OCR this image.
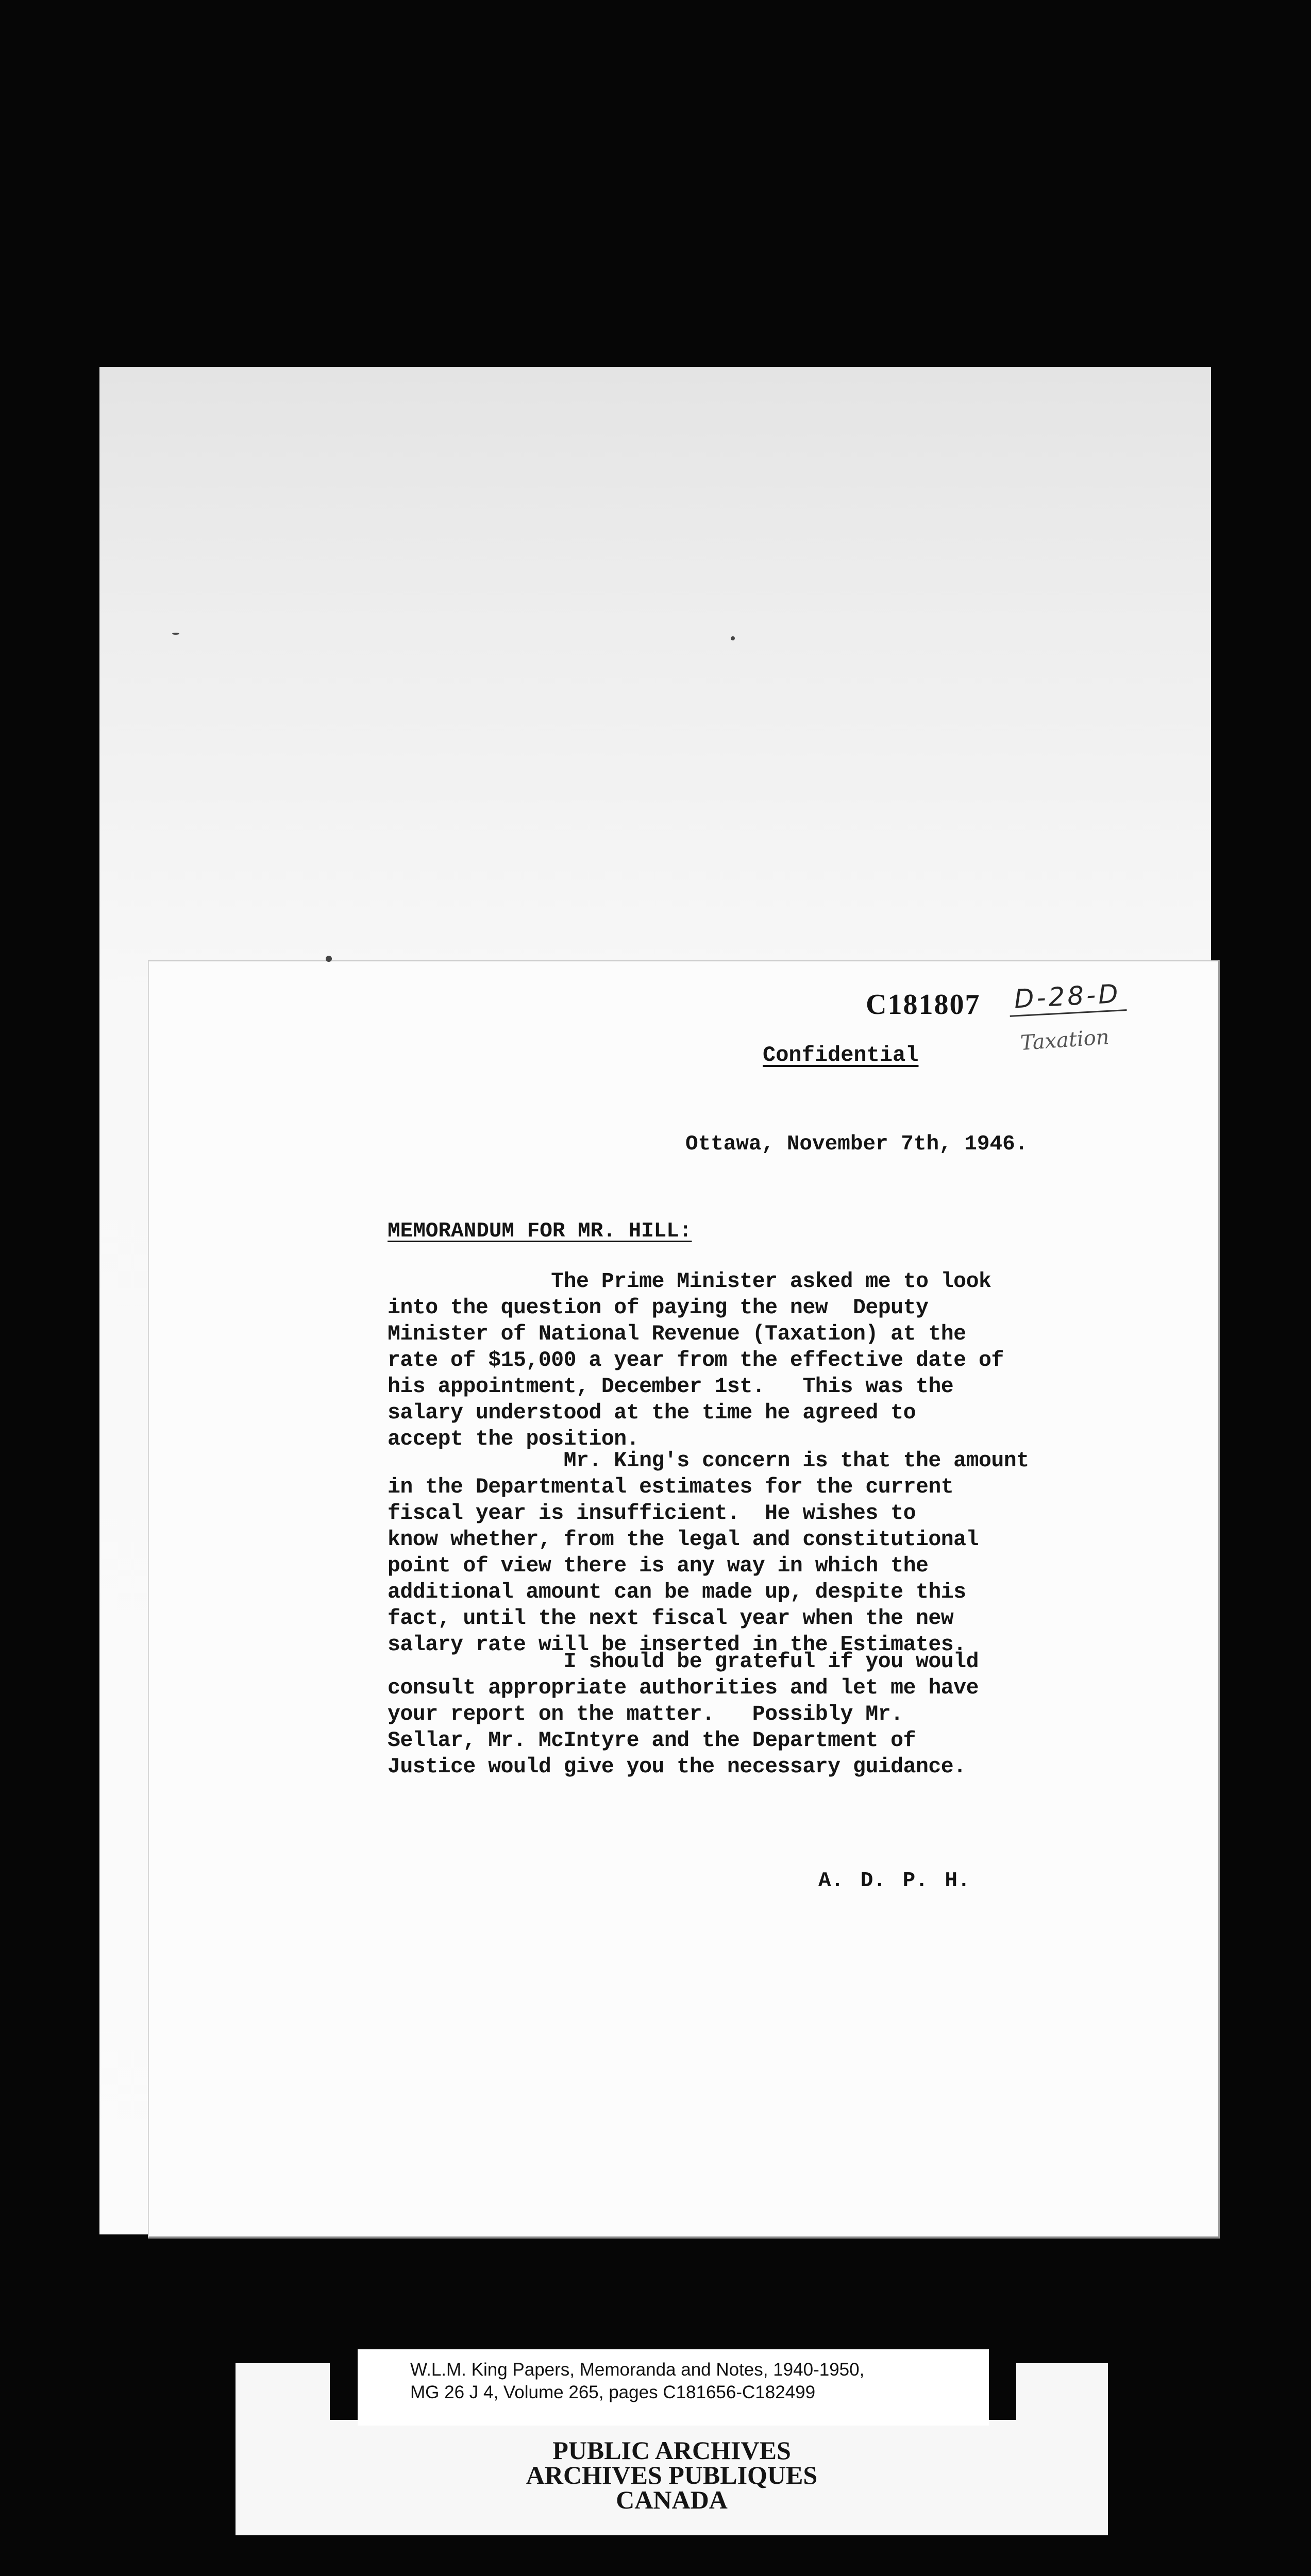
C181807 D-28-D
Taxation
Confidential
Ottawa, November 7th, 1946.
MEMORANDUM FOR MR. HILL:
The Prime Minister asked me to look
into the question of paying the new  Deputy
Minister of National Revenue (Taxation) at the
rate of $15,000 a year from the effective date of
his appointment, December 1st.   This was the
salary understood at the time he agreed to
accept the position.
Mr. King's concern is that the amount
in the Departmental estimates for the current
fiscal year is insufficient.  He wishes to
know whether, from the legal and constitutional
point of view there is any way in which the
additional amount can be made up, despite this
fact, until the next fiscal year when the new
salary rate will be inserted in the Estimates.
I should be grateful if you would
consult appropriate authorities and let me have
your report on the matter.   Possibly Mr.
Sellar, Mr. McIntyre and the Department of
Justice would give you the necessary guidance.
A. D. P. H.
W.L.M. King Papers, Memoranda and Notes, 1940-1950,
MG 26 J 4, Volume 265, pages C181656-C182499
PUBLIC ARCHIVES
ARCHIVES PUBLIQUES
CANADA
